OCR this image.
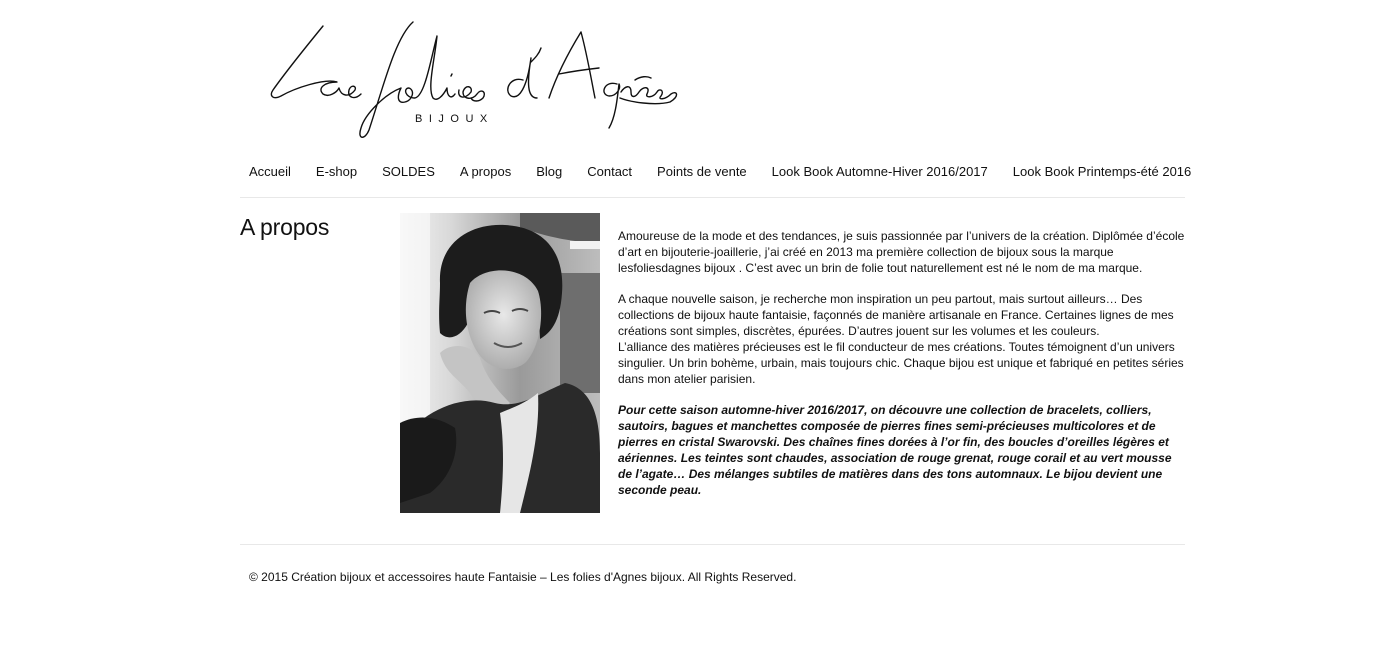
BIJOUX
Accueil E-shop SOLDES A propos Blog Contact Points de vente Look Book Automne-Hiver 2016/2017 Look Book Printemps-été 2016
A propos	Amoureuse de la mode et des tendances, je suis passionnée par l’univers de la création. Diplômée d’école d’art en bijouterie-joaillerie, j’ai créé en 2013 ma première collection de bijoux sous la marque lesfoliesdagnes bijoux . C’est avec un brin de folie tout naturellement est né le nom de ma marque.

A chaque nouvelle saison, je recherche mon inspiration un peu partout, mais surtout ailleurs… Des collections de bijoux haute fantaisie, façonnés de manière artisanale en France. Certaines lignes de mes créations sont simples, discrètes, épurées. D’autres jouent sur les volumes et les couleurs.

L’alliance des matières précieuses est le fil conducteur de mes créations. Toutes témoignent d’un univers singulier. Un brin bohème, urbain, mais toujours chic. Chaque bijou est unique et fabriqué en petites séries dans mon atelier parisien.

Pour cette saison automne-hiver 2016/2017, on découvre une collection de bracelets, colliers, sautoirs, bagues et manchettes composée de pierres fines semi-précieuses multicolores et de pierres en cristal Swarovski. Des chaînes fines dorées à l’or fin, des boucles d’oreilles légères et aériennes. Les teintes sont chaudes, association de rouge grenat, rouge corail et au vert mousse de l’agate… Des mélanges subtiles de matières dans des tons automnaux. Le bijou devient une seconde peau.

© 2015 Création bijoux et accessoires haute Fantaisie – Les folies d'Agnes bijoux. All Rights Reserved.
